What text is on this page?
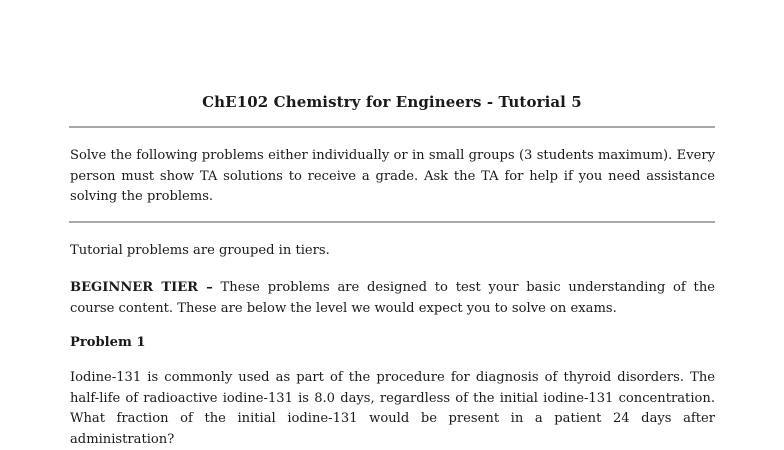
ChE102 Chemistry for Engineers - Tutorial 5

Solve the following problems either individually or in small groups (3 students maximum). Every person must show TA solutions to receive a grade. Ask the TA for help if you need assistance solving the problems.

Tutorial problems are grouped in tiers.

BEGINNER TIER – These problems are designed to test your basic understanding of the course content. These are below the level we would expect you to solve on exams.

Problem 1

Iodine-131 is commonly used as part of the procedure for diagnosis of thyroid disorders. The half-life of radioactive iodine-131 is 8.0 days, regardless of the initial iodine-131 concentration. What fraction of the initial iodine-131 would be present in a patient 24 days after administration?
